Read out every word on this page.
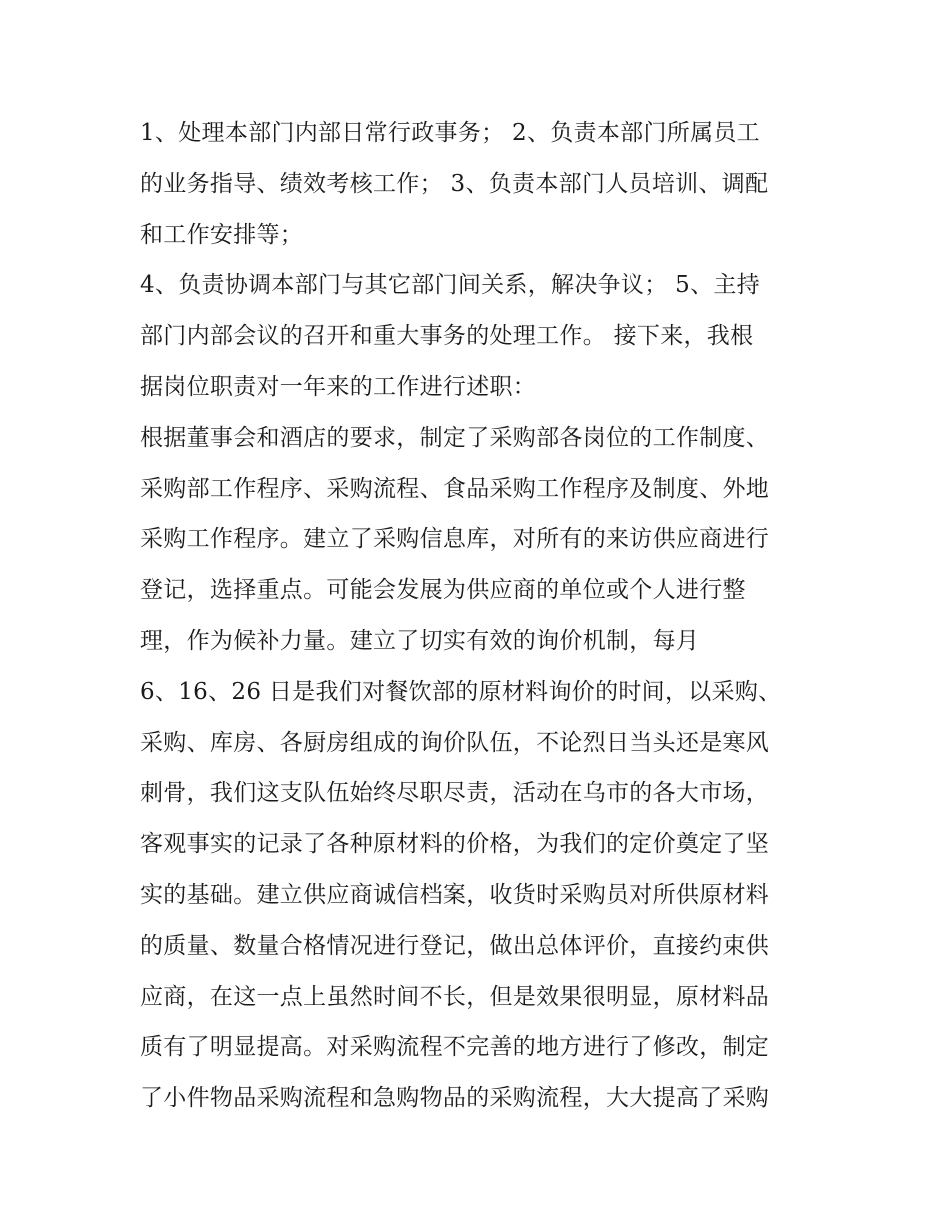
1、处理本部门内部日常行政事务； 2、负责本部门所属员工
的业务指导、绩效考核工作； 3、负责本部门人员培训、调配
和工作安排等；
4、负责协调本部门与其它部门间关系，解决争议； 5、主持
部门内部会议的召开和重大事务的处理工作。 接下来，我根
据岗位职责对一年来的工作进行述职：
根据董事会和酒店的要求，制定了采购部各岗位的工作制度、
采购部工作程序、采购流程、食品采购工作程序及制度、外地
采购工作程序。建立了采购信息库，对所有的来访供应商进行
登记，选择重点。可能会发展为供应商的单位或个人进行整
理，作为候补力量。建立了切实有效的询价机制，每月
6、16、26 日是我们对餐饮部的原材料询价的时间，以采购、
采购、库房、各厨房组成的询价队伍，不论烈日当头还是寒风
刺骨，我们这支队伍始终尽职尽责，活动在乌市的各大市场，
客观事实的记录了各种原材料的价格，为我们的定价奠定了坚
实的基础。建立供应商诚信档案，收货时采购员对所供原材料
的质量、数量合格情况进行登记，做出总体评价，直接约束供
应商，在这一点上虽然时间不长，但是效果很明显，原材料品
质有了明显提高。对采购流程不完善的地方进行了修改，制定
了小件物品采购流程和急购物品的采购流程，大大提高了采购
